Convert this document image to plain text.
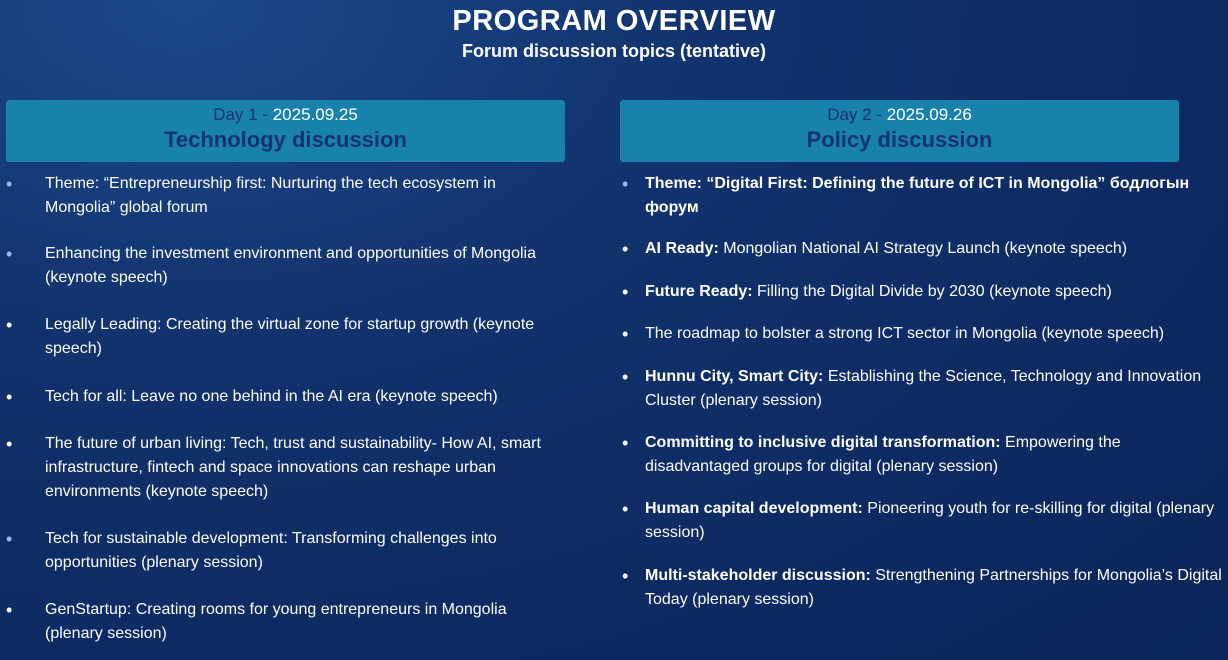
PROGRAM OVERVIEW
Forum discussion topics (tentative)
Day 1 - 2025.09.25
Technology discussion
Day 2 - 2025.09.26
Policy discussion
• Theme: “Entrepreneurship first: Nurturing the tech ecosystem in Mongolia” global forum
• Enhancing the investment environment and opportunities of Mongolia (keynote speech)
• Legally Leading: Creating the virtual zone for startup growth (keynote speech)
• Tech for all: Leave no one behind in the AI era (keynote speech)
• The future of urban living: Tech, trust and sustainability- How AI, smart infrastructure, fintech and space innovations can reshape urban environments (keynote speech)
• Tech for sustainable development: Transforming challenges into opportunities (plenary session)
• GenStartup: Creating rooms for young entrepreneurs in Mongolia (plenary session)
• Theme: “Digital First: Defining the future of ICT in Mongolia” бодлогын форум
• AI Ready: Mongolian National AI Strategy Launch (keynote speech)
• Future Ready: Filling the Digital Divide by 2030 (keynote speech)
• The roadmap to bolster a strong ICT sector in Mongolia (keynote speech)
• Hunnu City, Smart City: Establishing the Science, Technology and Innovation Cluster (plenary session)
• Committing to inclusive digital transformation: Empowering the disadvantaged groups for digital (plenary session)
• Human capital development: Pioneering youth for re-skilling for digital (plenary session)
• Multi-stakeholder discussion: Strengthening Partnerships for Mongolia’s Digital Today (plenary session)
